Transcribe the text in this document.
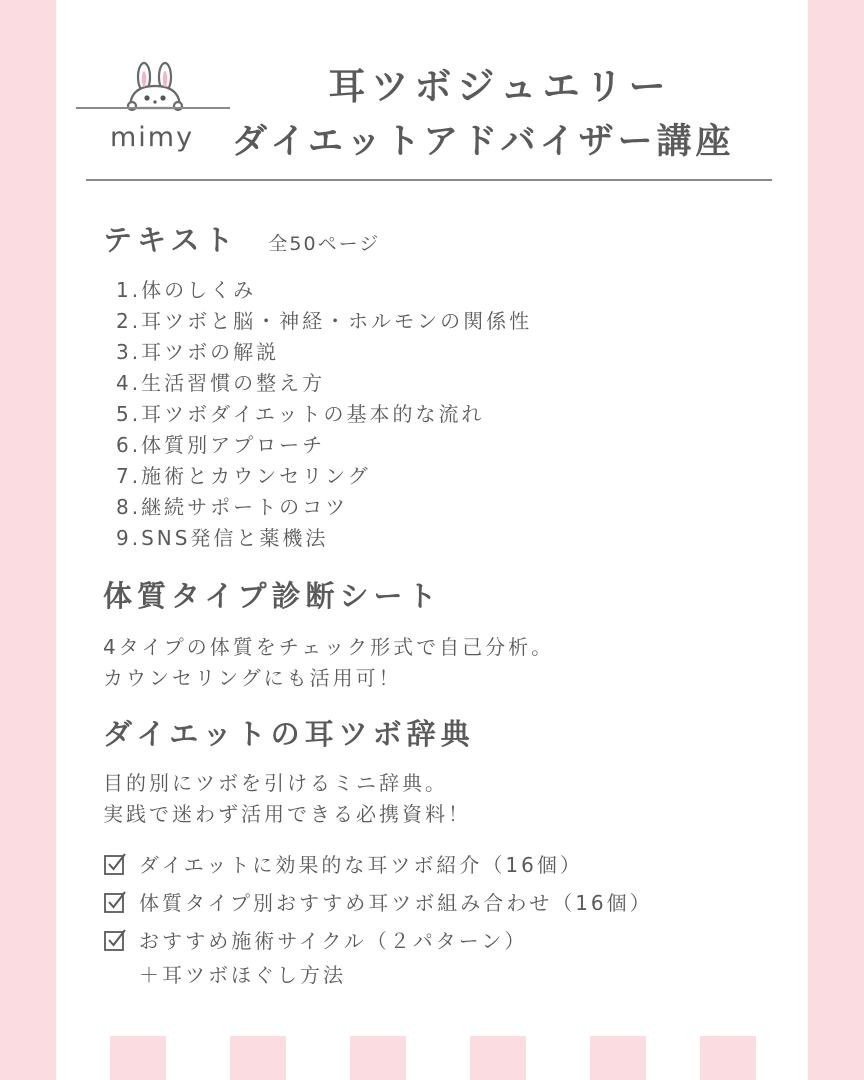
mimy
耳ツボジュエリー
ダイエットアドバイザー講座
テキスト 全50ページ
1.体のしくみ
2.耳ツボと脳・神経・ホルモンの関係性
3.耳ツボの解説
4.生活習慣の整え方
5.耳ツボダイエットの基本的な流れ
6.体質別アプローチ
7.施術とカウンセリング
8.継続サポートのコツ
9.SNS発信と薬機法
体質タイプ診断シート
4タイプの体質をチェック形式で自己分析。
カウンセリングにも活用可！
ダイエットの耳ツボ辞典
目的別にツボを引けるミニ辞典。
実践で迷わず活用できる必携資料！
ダイエットに効果的な耳ツボ紹介（16個）
体質タイプ別おすすめ耳ツボ組み合わせ（16個）
おすすめ施術サイクル（２パターン）
＋耳ツボほぐし方法
